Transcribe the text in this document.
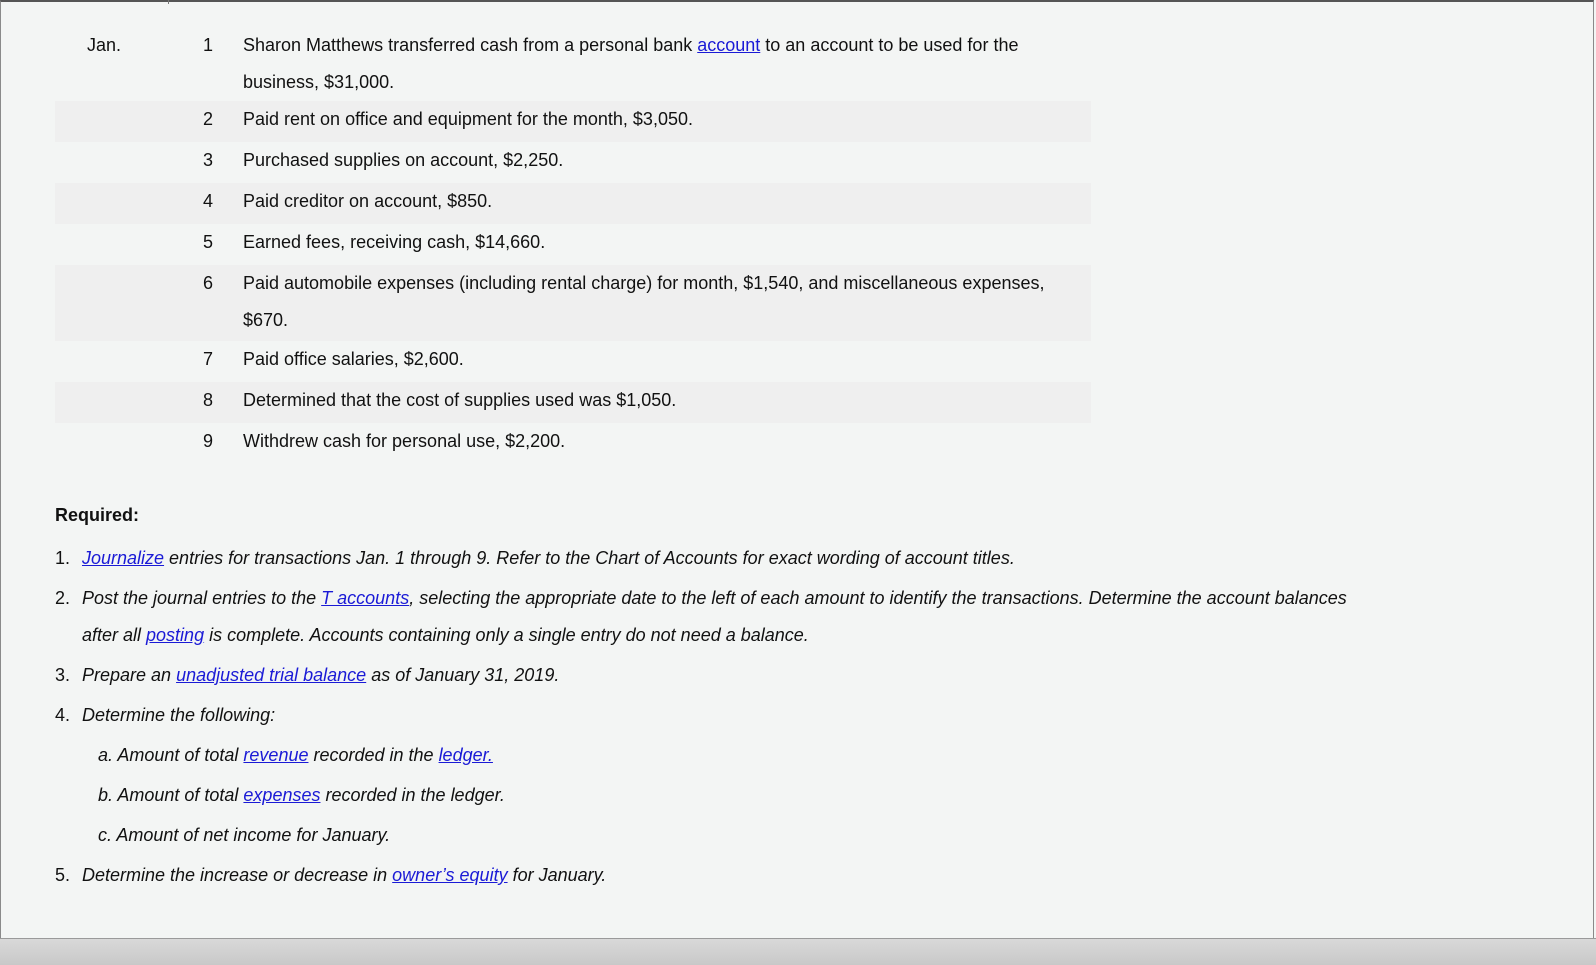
Jan.	1	Sharon Matthews transferred cash from a personal bank account to an account to be used for the business, $31,000.
	2	Paid rent on office and equipment for the month, $3,050.
	3	Purchased supplies on account, $2,250.
	4	Paid creditor on account, $850.
	5	Earned fees, receiving cash, $14,660.
	6	Paid automobile expenses (including rental charge) for month, $1,540, and miscellaneous expenses, $670.
	7	Paid office salaries, $2,600.
	8	Determined that the cost of supplies used was $1,050.
	9	Withdrew cash for personal use, $2,200.
Required:
1. Journalize entries for transactions Jan. 1 through 9. Refer to the Chart of Accounts for exact wording of account titles.
2. Post the journal entries to the T accounts, selecting the appropriate date to the left of each amount to identify the transactions. Determine the account balances after all posting is complete. Accounts containing only a single entry do not need a balance.
3. Prepare an unadjusted trial balance as of January 31, 2019.
4. Determine the following:
a. Amount of total revenue recorded in the ledger.
b. Amount of total expenses recorded in the ledger.
c. Amount of net income for January.
5. Determine the increase or decrease in owner’s equity for January.
